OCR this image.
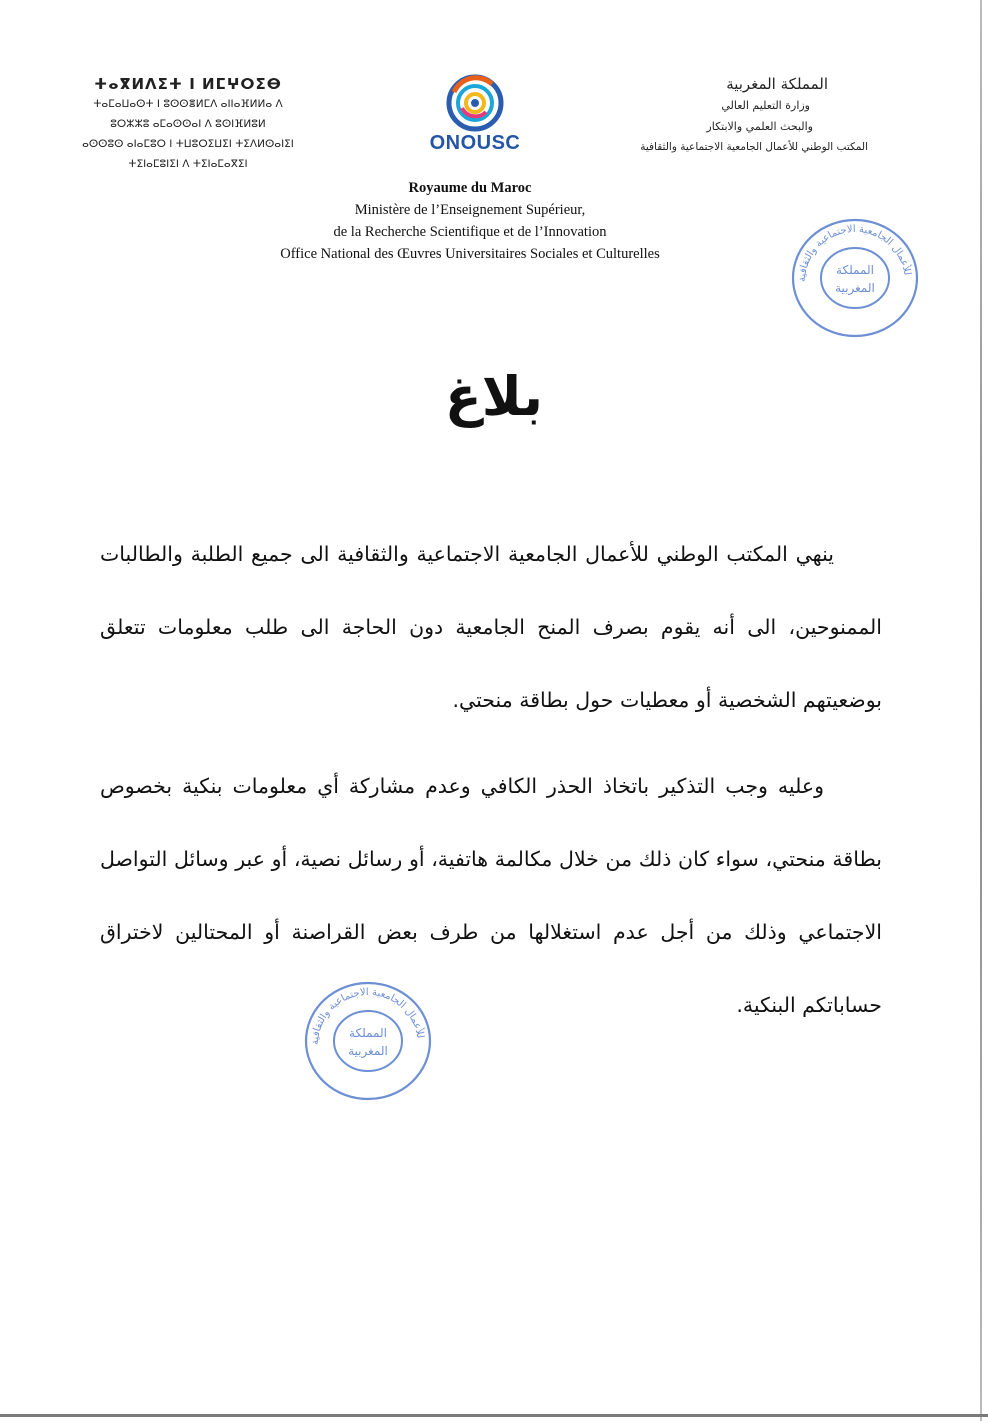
ⵜⴰⴳⵍⴷⵉⵜ ⵏ ⵍⵎⵖⵔⵉⴱ
ⵜⴰⵎⴰⵡⴰⵙⵜ ⵏ ⵓⵙⵙⴻⵍⵎⴷ ⴰⵏⵏⴰⴼⵍⵍⴰ ⴷ
ⵓⵔⵣⵣⵓ ⴰⵎⴰⵙⵙⴰⵏ ⴷ ⵓⵙⵏⴼⵍⵓⵍ
ⴰⵙⵙⵓⵙ ⴰⵏⴰⵎⵓⵔ ⵏ ⵜⵡⵓⵔⵉⵡⵉⵏ ⵜⵉⴷⵍⵙⴰⵏⵉⵏ
ⵜⵉⵏⴰⵎⵓⵏⵉⵏ ⴷ ⵜⵉⵏⴰⵎⴰⴳⵉⵏ
ONOUSC
المملكة المغربية
وزارة التعليم العالي
والبحث العلمي والابتكار
المكتب الوطني للأعمال الجامعية الاجتماعية والثقافية
Royaume du Maroc
Ministère de l’Enseignement Supérieur,
de la Recherche Scientifique et de l’Innovation
Office National des Œuvres Universitaires Sociales et Culturelles	للأعمال الجامعية الاجتماعية والثقافية
المملكة
المغربية
بلاغ
ينهي المكتب الوطني للأعمال الجامعية الاجتماعية والثقافية الى جميع الطلبة والطالبات الممنوحين، الى أنه يقوم بصرف المنح الجامعية دون الحاجة الى طلب معلومات تتعلق بوضعيتهم الشخصية أو معطيات حول بطاقة منحتي.
وعليه وجب التذكير باتخاذ الحذر الكافي وعدم مشاركة أي معلومات بنكية بخصوص بطاقة منحتي، سواء كان ذلك من خلال مكالمة هاتفية، أو رسائل نصية، أو عبر وسائل التواصل الاجتماعي وذلك من أجل عدم استغلالها من طرف بعض القراصنة أو المحتالين لاختراق حساباتكم البنكية.
للأعمال الجامعية الاجتماعية والثقافية
المملكة
المغربية
